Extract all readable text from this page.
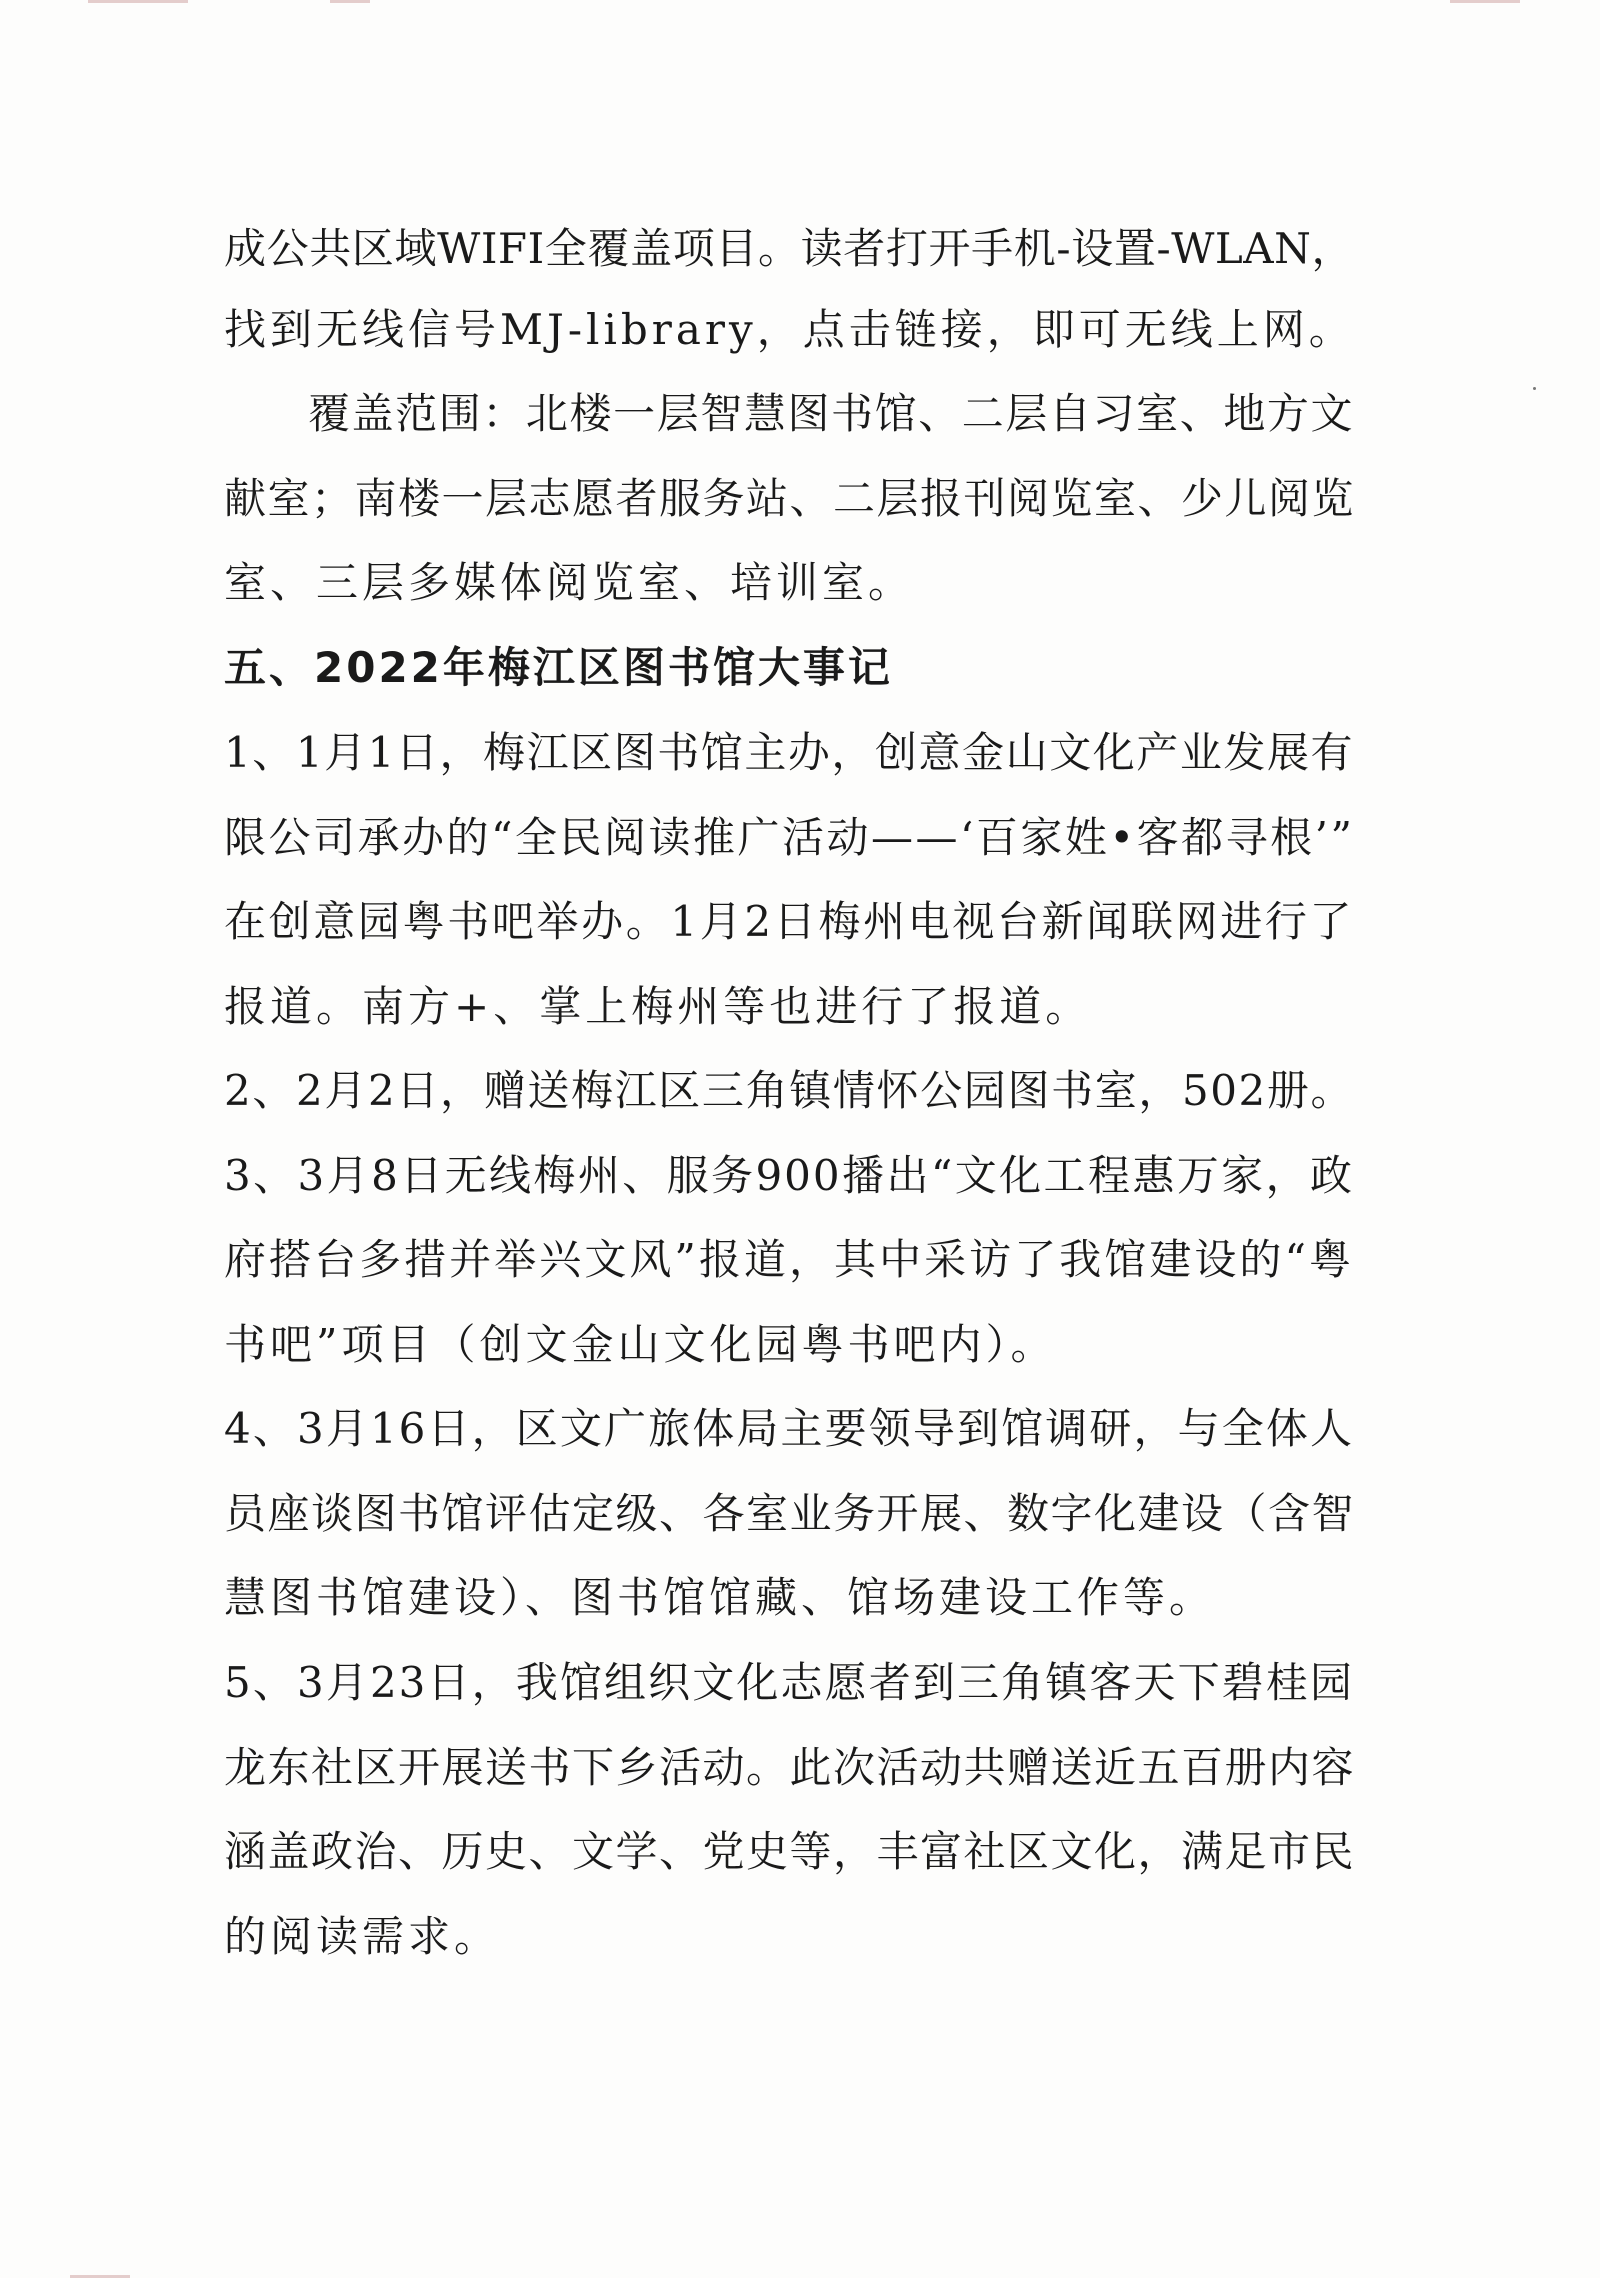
成公共区域WIFI全覆盖项目。读者打开手机-设置-WLAN，

找到无线信号MJ-library，点击链接，即可无线上网。

覆盖范围：北楼一层智慧图书馆、二层自习室、地方文

献室；南楼一层志愿者服务站、二层报刊阅览室、少儿阅览

室、三层多媒体阅览室、培训室。

五、2022年梅江区图书馆大事记

1、1月1日，梅江区图书馆主办，创意金山文化产业发展有

限公司承办的“全民阅读推广活动——‘百家姓•客都寻根’”

在创意园粤书吧举办。1月2日梅州电视台新闻联网进行了

报道。南方+、掌上梅州等也进行了报道。

2、2月2日，赠送梅江区三角镇情怀公园图书室，502册。

3、3月8日无线梅州、服务900播出“文化工程惠万家，政

府搭台多措并举兴文风”报道，其中采访了我馆建设的“粤

书吧”项目（创文金山文化园粤书吧内）。

4、3月16日，区文广旅体局主要领导到馆调研，与全体人

员座谈图书馆评估定级、各室业务开展、数字化建设（含智

慧图书馆建设）、图书馆馆藏、馆场建设工作等。

5、3月23日，我馆组织文化志愿者到三角镇客天下碧桂园

龙东社区开展送书下乡活动。此次活动共赠送近五百册内容

涵盖政治、历史、文学、党史等，丰富社区文化，满足市民

的阅读需求。
